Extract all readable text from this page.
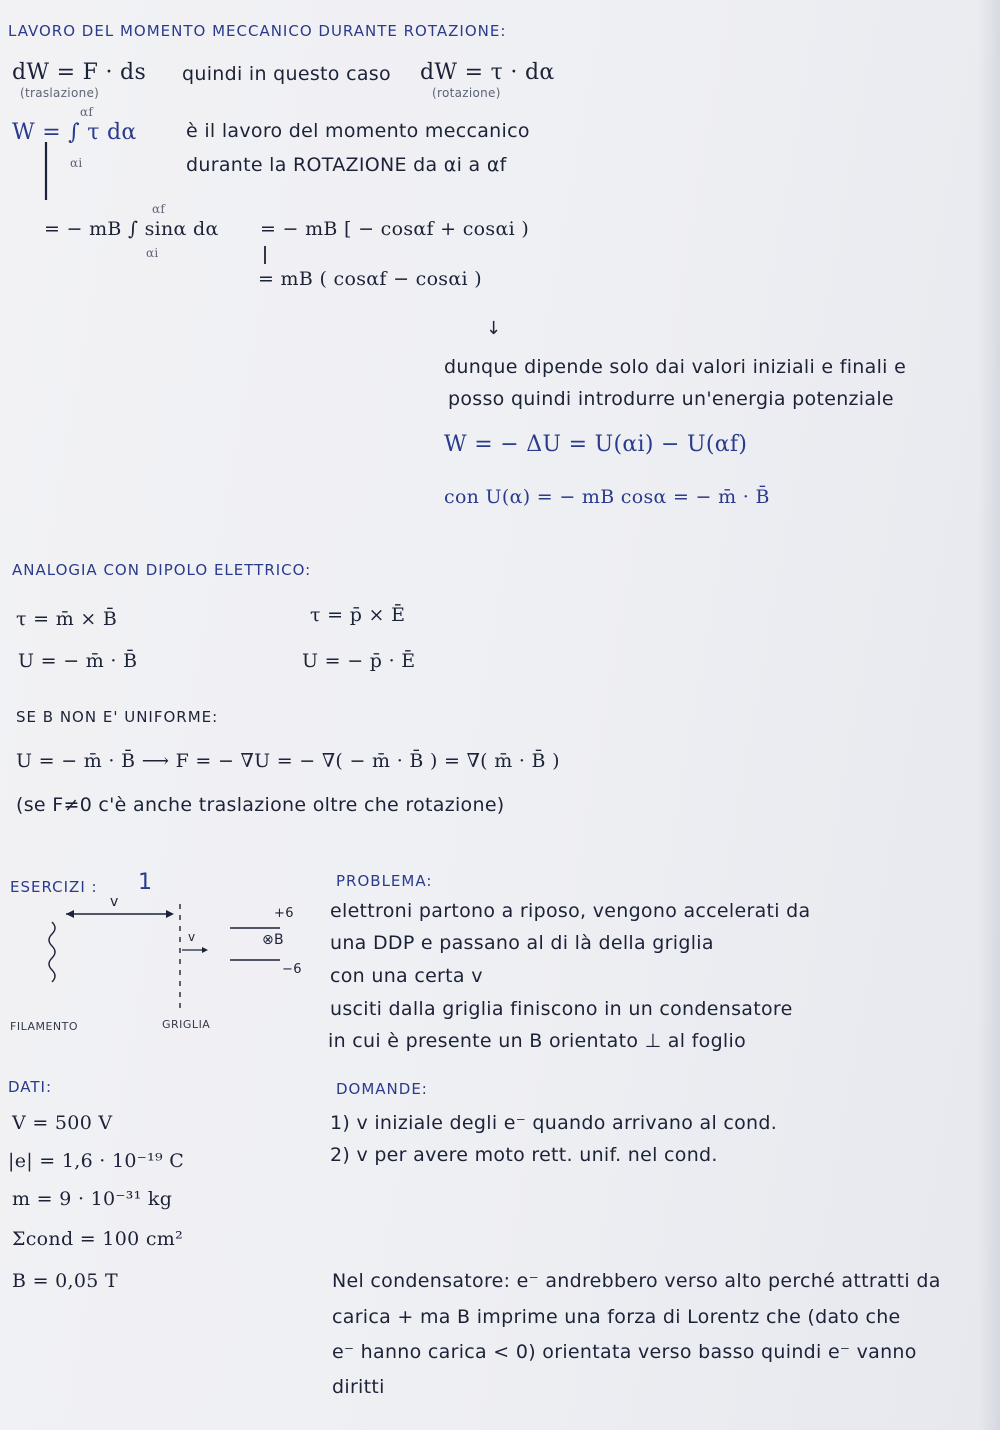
LAVORO DEL MOMENTO MECCANICO DURANTE ROTAZIONE:
dW = F · ds
(traslazione)
quindi in questo caso dW = τ · dα
(rotazione)
W = ∫ τ dα
αf
αi
è il lavoro del momento meccanico
durante la ROTAZIONE da αi a αf
= − mB ∫ sinα dα
αf
αi
= − mB [ − cosαf + cosαi )
= mB ( cosαf − cosαi )
↓
dunque dipende solo dai valori iniziali e finali e
posso quindi introdurre un'energia potenziale
W = − ΔU = U(αi) − U(αf)
con U(α) = − mB cosα = − m̄ · B̄
ANALOGIA CON DIPOLO ELETTRICO:
τ = m̄ × B̄	τ = p̄ × Ē
U = − m̄ · B̄	U = − p̄ · Ē
SE B NON E' UNIFORME:
U = − m̄ · B̄ ⟶ F = − ∇U = − ∇( − m̄ · B̄ ) = ∇( m̄ · B̄ )
(se F≠0 c'è anche traslazione oltre che rotazione)
ESERCIZI : 1
v
v
+6
⊗B
−6
FILAMENTO	GRIGLIA
PROBLEMA:
elettroni partono a riposo, vengono accelerati da
una DDP e passano al di là della griglia
con una certa v
usciti dalla griglia finiscono in un condensatore
in cui è presente un B orientato ⊥ al foglio
DATI:
V = 500 V
|e| = 1,6 · 10⁻¹⁹ C
m = 9 · 10⁻³¹ kg
Σcond = 100 cm²
B = 0,05 T
DOMANDE:
1) v iniziale degli e⁻ quando arrivano al cond.
2) v per avere moto rett. unif. nel cond.
Nel condensatore: e⁻ andrebbero verso alto perché attratti da
carica + ma B imprime una forza di Lorentz che (dato che
e⁻ hanno carica < 0) orientata verso basso quindi e⁻ vanno
diritti
